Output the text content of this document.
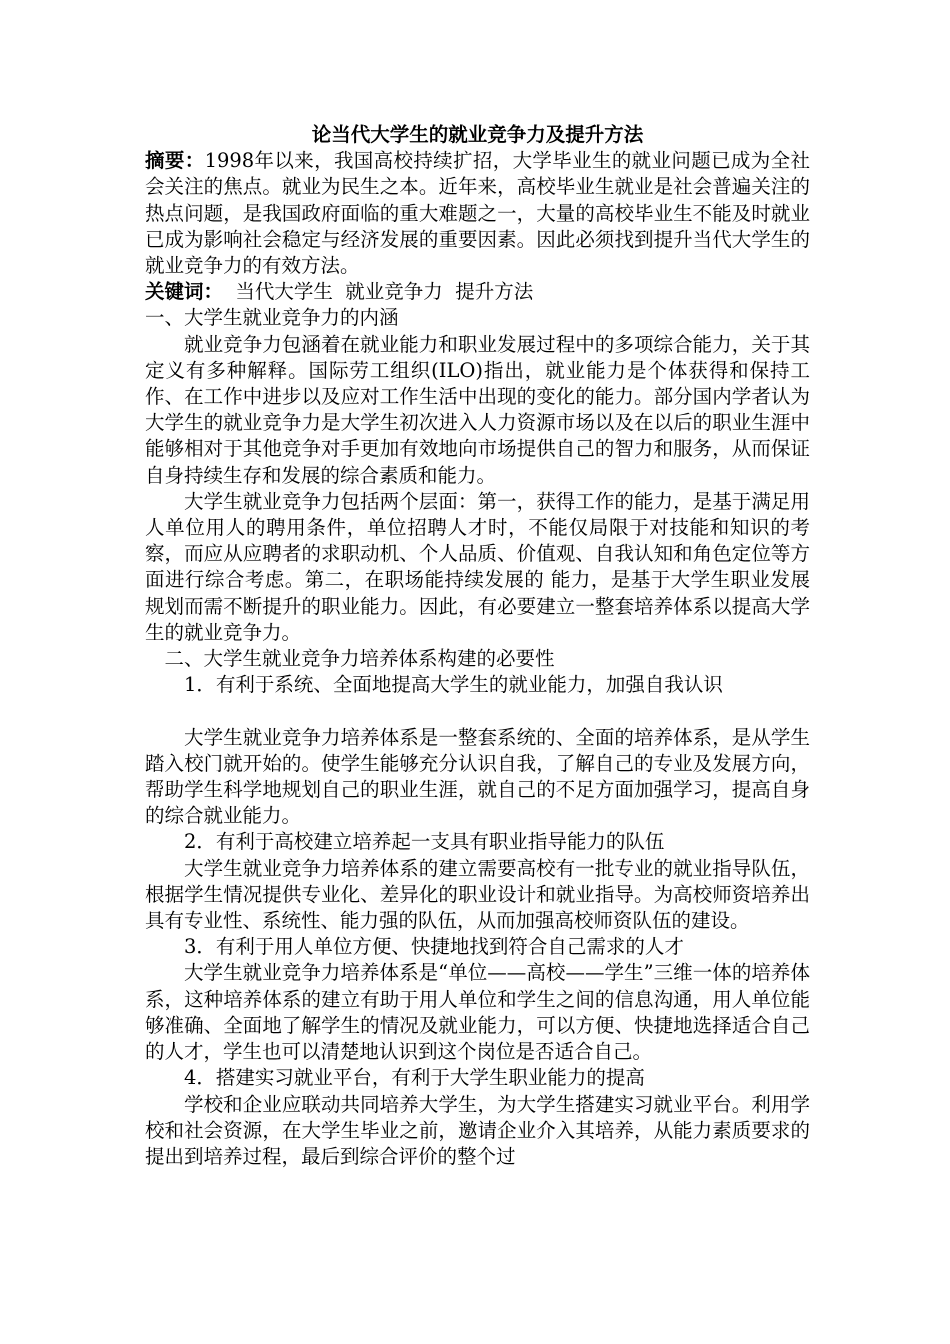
论当代大学生的就业竞争力及提升方法

摘要：1998年以来，我国高校持续扩招，大学毕业生的就业问题已成为全社会关注的焦点。就业为民生之本。近年来，高校毕业生就业是社会普遍关注的热点问题，是我国政府面临的重大难题之一，大量的高校毕业生不能及时就业已成为影响社会稳定与经济发展的重要因素。因此必须找到提升当代大学生的就业竞争力的有效方法。

关键词：  当代大学生  就业竞争力  提升方法

一、大学生就业竞争力的内涵

就业竞争力包涵着在就业能力和职业发展过程中的多项综合能力，关于其定义有多种解释。国际劳工组织(ILO)指出，就业能力是个体获得和保持工作、在工作中进步以及应对工作生活中出现的变化的能力。部分国内学者认为大学生的就业竞争力是大学生初次进入人力资源市场以及在以后的职业生涯中能够相对于其他竞争对手更加有效地向市场提供自己的智力和服务，从而保证自身持续生存和发展的综合素质和能力。

大学生就业竞争力包括两个层面：第一，获得工作的能力，是基于满足用人单位用人的聘用条件，单位招聘人才时，不能仅局限于对技能和知识的考察，而应从应聘者的求职动机、个人品质、价值观、自我认知和角色定位等方面进行综合考虑。第二，在职场能持续发展的 能力，是基于大学生职业发展规划而需不断提升的职业能力。因此，有必要建立一整套培养体系以提高大学生的就业竞争力。

二、大学生就业竞争力培养体系构建的必要性

1．有利于系统、全面地提高大学生的就业能力，加强自我认识

大学生就业竞争力培养体系是一整套系统的、全面的培养体系，是从学生踏入校门就开始的。使学生能够充分认识自我，了解自己的专业及发展方向，帮助学生科学地规划自己的职业生涯，就自己的不足方面加强学习，提高自身的综合就业能力。

2．有利于高校建立培养起一支具有职业指导能力的队伍

大学生就业竞争力培养体系的建立需要高校有一批专业的就业指导队伍，根据学生情况提供专业化、差异化的职业设计和就业指导。为高校师资培养出具有专业性、系统性、能力强的队伍，从而加强高校师资队伍的建设。

3．有利于用人单位方便、快捷地找到符合自己需求的人才

大学生就业竞争力培养体系是“单位——高校——学生”三维一体的培养体系，这种培养体系的建立有助于用人单位和学生之间的信息沟通，用人单位能够准确、全面地了解学生的情况及就业能力，可以方便、快捷地选择适合自己的人才，学生也可以清楚地认识到这个岗位是否适合自己。

4．搭建实习就业平台，有利于大学生职业能力的提高

学校和企业应联动共同培养大学生，为大学生搭建实习就业平台。利用学校和社会资源，在大学生毕业之前，邀请企业介入其培养，从能力素质要求的提出到培养过程，最后到综合评价的整个过
